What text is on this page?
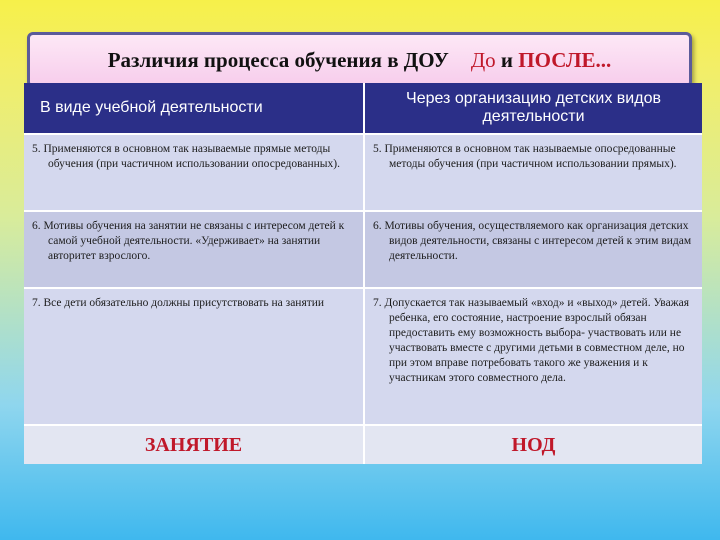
Различия процесса обучения в ДОУ До и ПОСЛЕ...
В виде учебной деятельности	Через организацию детских видов деятельности

5. Применяются в основном так называемые прямые методы обучения (при частичном использовании опосредованных).	5. Применяются в основном так называемые опосредованные методы обучения (при частичном использовании прямых).

6. Мотивы обучения на занятии не связаны с интересом детей к самой учебной деятельности. «Удерживает» на занятии авторитет взрослого.	6. Мотивы обучения, осуществляемого как организация детских видов деятельности, связаны с интересом детей к этим видам деятельности.

7. Все дети обязательно должны присутствовать на занятии	7. Допускается так называемый «вход» и «выход» детей. Уважая ребенка, его состояние, настроение взрослый обязан предоставить ему возможность выбора- участвовать или не участвовать вместе с другими детьми в совместном деле, но при этом вправе потребовать такого же уважения и к участникам этого совместного дела.

ЗАНЯТИЕ	НОД
